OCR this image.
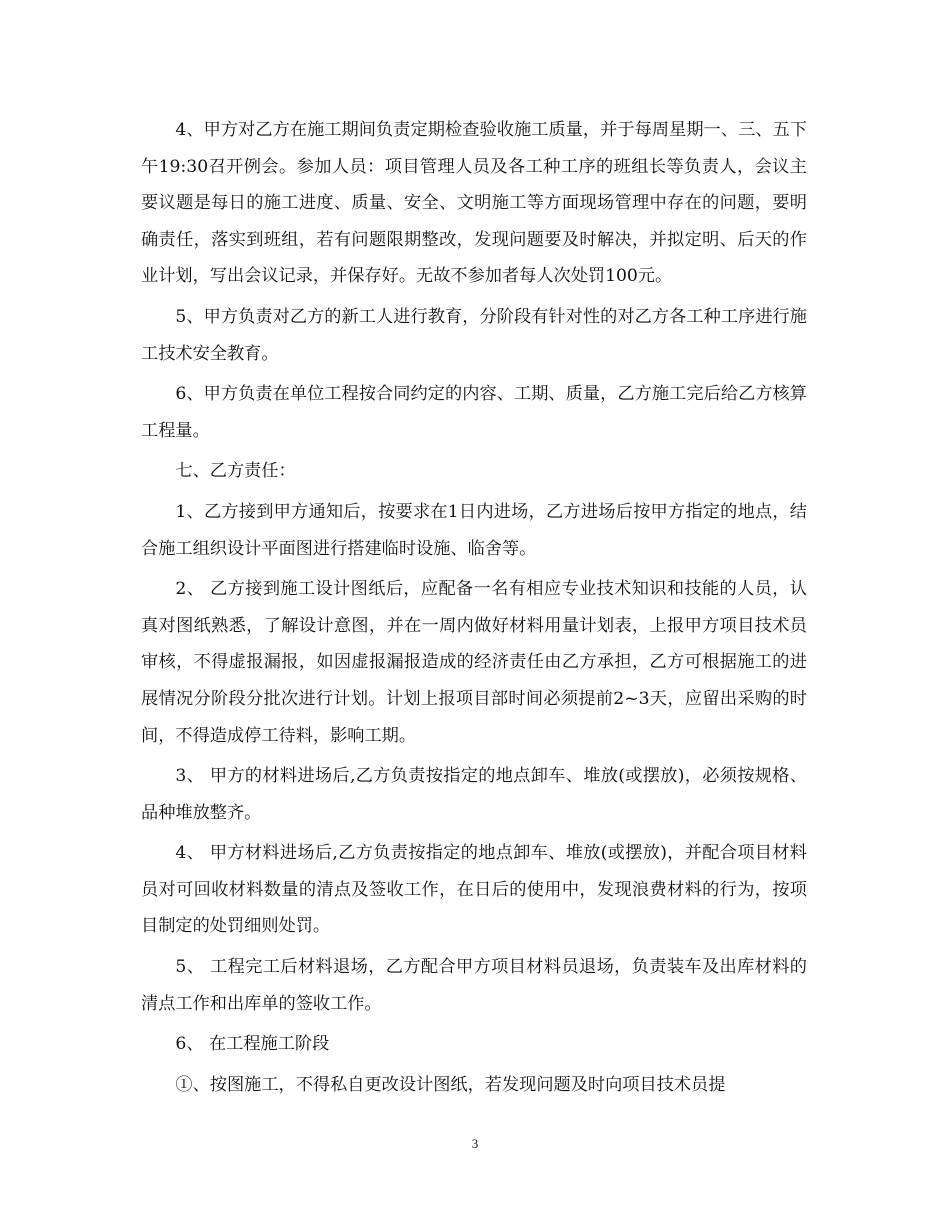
4、甲方对乙方在施工期间负责定期检查验收施工质量，并于每周星期一、三、五下午19:30召开例会。参加人员：项目管理人员及各工种工序的班组长等负责人，会议主要议题是每日的施工进度、质量、安全、文明施工等方面现场管理中存在的问题，要明确责任，落实到班组，若有问题限期整改，发现问题要及时解决，并拟定明、后天的作业计划，写出会议记录，并保存好。无故不参加者每人次处罚100元。

5、甲方负责对乙方的新工人进行教育，分阶段有针对性的对乙方各工种工序进行施工技术安全教育。

6、甲方负责在单位工程按合同约定的内容、工期、质量，乙方施工完后给乙方核算工程量。

七、乙方责任：

1、乙方接到甲方通知后，按要求在1日内进场，乙方进场后按甲方指定的地点，结合施工组织设计平面图进行搭建临时设施、临舍等。

2、 乙方接到施工设计图纸后，应配备一名有相应专业技术知识和技能的人员，认真对图纸熟悉，了解设计意图，并在一周内做好材料用量计划表，上报甲方项目技术员审核，不得虚报漏报，如因虚报漏报造成的经济责任由乙方承担，乙方可根据施工的进展情况分阶段分批次进行计划。计划上报项目部时间必须提前2~3天，应留出采购的时间，不得造成停工待料，影响工期。

3、 甲方的材料进场后,乙方负责按指定的地点卸车、堆放(或摆放)，必须按规格、品种堆放整齐。

4、 甲方材料进场后,乙方负责按指定的地点卸车、堆放(或摆放)，并配合项目材料员对可回收材料数量的清点及签收工作，在日后的使用中，发现浪费材料的行为，按项目制定的处罚细则处罚。

5、 工程完工后材料退场，乙方配合甲方项目材料员退场，负责装车及出库材料的清点工作和出库单的签收工作。

6、 在工程施工阶段

①、按图施工，不得私自更改设计图纸，若发现问题及时向项目技术员提

3
